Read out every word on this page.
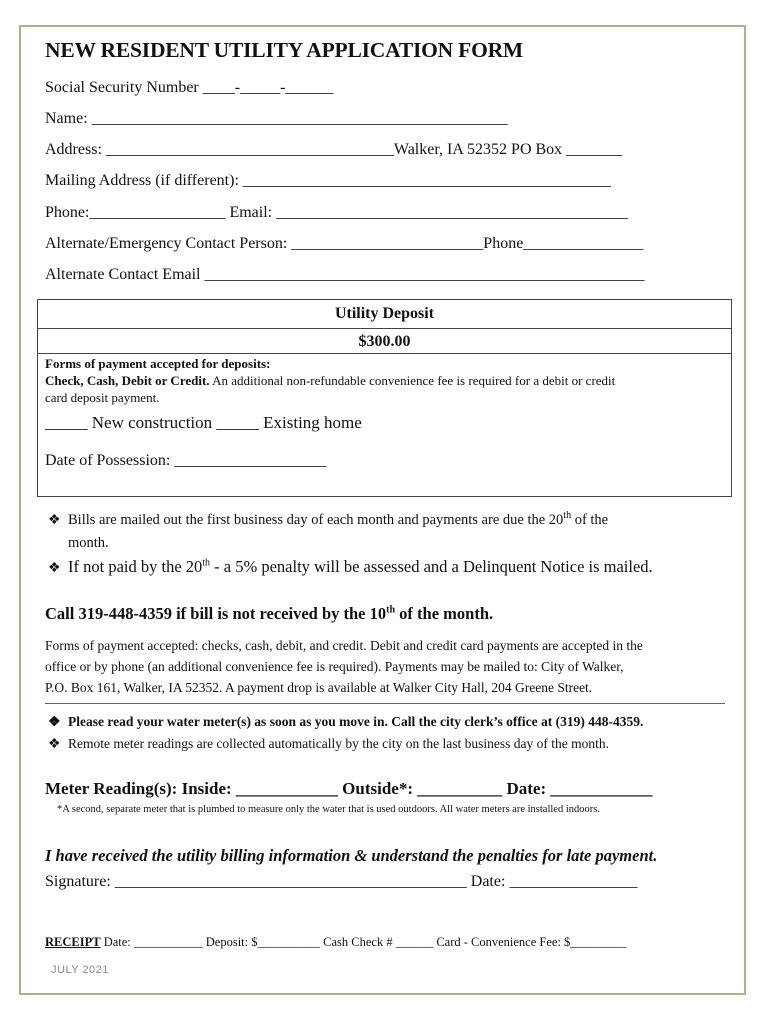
NEW RESIDENT UTILITY APPLICATION FORM
Social Security Number ____-_____-______
Name: ____________________________________________________
Address: ____________________________________Walker, IA 52352 PO Box _______
Mailing Address (if different): ______________________________________________
Phone:_________________ Email: ____________________________________________
Alternate/Emergency Contact Person: ________________________Phone_______________
Alternate Contact Email _______________________________________________________
Utility Deposit
$300.00
Forms of payment accepted for deposits:
Check, Cash, Debit or Credit. An additional non-refundable convenience fee is required for a debit or credit
card deposit payment.
_____ New construction _____ Existing home
Date of Possession: ___________________
❖ Bills are mailed out the first business day of each month and payments are due the 20th of the
month.
❖ If not paid by the 20th - a 5% penalty will be assessed and a Delinquent Notice is mailed.
Call 319-448-4359 if bill is not received by the 10th of the month.
Forms of payment accepted: checks, cash, debit, and credit. Debit and credit card payments are accepted in the
office or by phone (an additional convenience fee is required). Payments may be mailed to: City of Walker,
P.O. Box 161, Walker, IA 52352. A payment drop is available at Walker City Hall, 204 Greene Street.
❖ Please read your water meter(s) as soon as you move in. Call the city clerk’s office at (319) 448-4359.
❖ Remote meter readings are collected automatically by the city on the last business day of the month.
Meter Reading(s): Inside: ____________ Outside*: __________ Date: ____________
*A second, separate meter that is plumbed to measure only the water that is used outdoors. All water meters are installed indoors.
I have received the utility billing information & understand the penalties for late payment.
Signature: ____________________________________________ Date: ________________
RECEIPT Date: ___________ Deposit: $__________ Cash Check # ______ Card - Convenience Fee: $_________
JULY 2021
